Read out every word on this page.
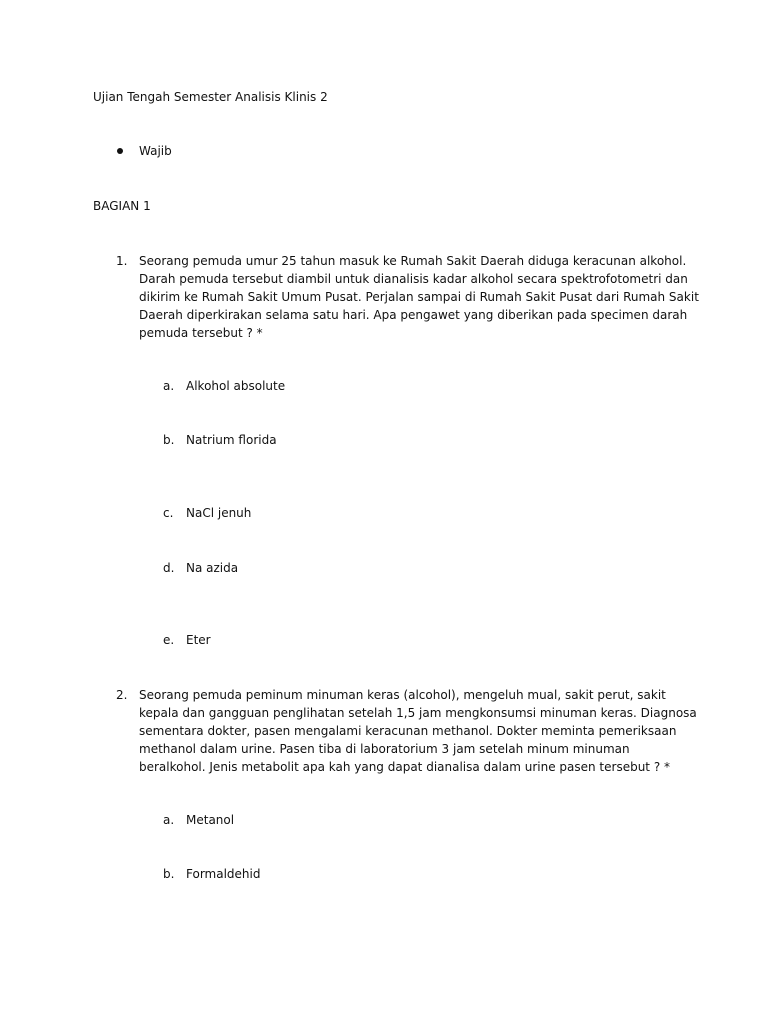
Ujian Tengah Semester Analisis Klinis 2
Wajib
BAGIAN 1
1. Seorang pemuda umur 25 tahun masuk ke Rumah Sakit Daerah diduga keracunan alkohol. Darah pemuda tersebut diambil untuk dianalisis kadar alkohol secara spektrofotometri dan dikirim ke Rumah Sakit Umum Pusat. Perjalan sampai di Rumah Sakit Pusat dari Rumah Sakit Daerah diperkirakan selama satu hari. Apa pengawet yang diberikan pada specimen darah pemuda tersebut ? *
a. Alkohol absolute
b. Natrium florida
c. NaCl jenuh
d. Na azida
e. Eter
2. Seorang pemuda peminum minuman keras (alcohol), mengeluh mual, sakit perut, sakit kepala dan gangguan penglihatan setelah 1,5 jam mengkonsumsi minuman keras. Diagnosa sementara dokter, pasen mengalami keracunan methanol. Dokter meminta pemeriksaan methanol dalam urine. Pasen tiba di laboratorium 3 jam setelah minum minuman beralkohol. Jenis metabolit apa kah yang dapat dianalisa dalam urine pasen tersebut ? *
a. Metanol
b. Formaldehid
